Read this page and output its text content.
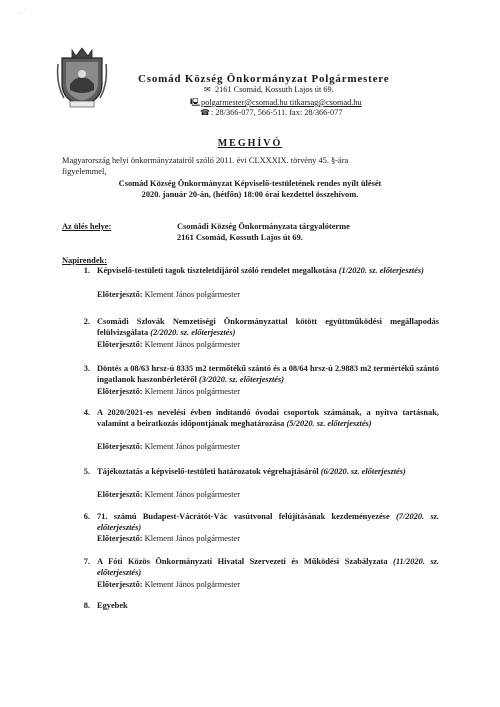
⸝ ʾ
Csomád Község Önkormányzat Polgármestere
✉ 2161 Csomád, Kossuth Lajos út 69.
🖳polgarmester@csomad.hu titkarsag@csomad.hu
☎: 28/366-077, 566-511. fax: 28/366-077
MEGHÍVÓ
Magyarország helyi önkormányzatairól szóló 2011. évi CLXXXIX. törvény 45. §-ára
figyelemmel,
Csomád Község Önkormányzat Képviselő-testületének rendes nyílt ülését
2020. január 20-án, (hétfőn) 18:00 órai kezdettel összehívom.
Az ülés helye:	Csomádi Község Önkormányzata tárgyalóterme
2161 Csomád, Kossuth Lajos út 69.
Napirendek:
1. Képviselő-testületi tagok tiszteletdíjáról szóló rendelet megalkotása (1/2020. sz. előterjesztés)
Előterjesztő: Klement János polgármester
2. Csomádi Szlovák Nemzetiségi Önkormányzattal kötött együttműködési megállapodás felülvizsgálata (2/2020. sz. előterjesztés)
Előterjesztő: Klement János polgármester
3. Döntés a 08/63 hrsz-ú 8335 m2 termőtékű szántó és a 08/64 hrsz-ú 2.9883 m2 termértékű szántó ingatlanok haszonbérletéről (3/2020. sz. előterjesztés)
Előterjesztő: Klement János polgármester
4. A 2020/2021-es nevelési évben indítandó óvodai csoportok számának, a nyitva tartásnak, valamint a beiratkozás időpontjának meghatározása (5/2020. sz. előterjesztés)
Előterjesztő: Klement János polgármester
5. Tájékoztatás a képviselő-testületi határozatok végrehajtásáról (6/2020. sz. előterjesztés)
Előterjesztő: Klement János polgármester
6. 71. számú Budapest-Vácrátót-Vác vasútvonal felújításának kezdeményezése (7/2020. sz. előterjesztés)
Előterjesztő: Klement János polgármester
7. A Fóti Közös Önkormányzati Hivatal Szervezeti és Működési Szabályzata (11/2020. sz. előterjesztés)
Előterjesztő: Klement János polgármester
8. Egyebek
